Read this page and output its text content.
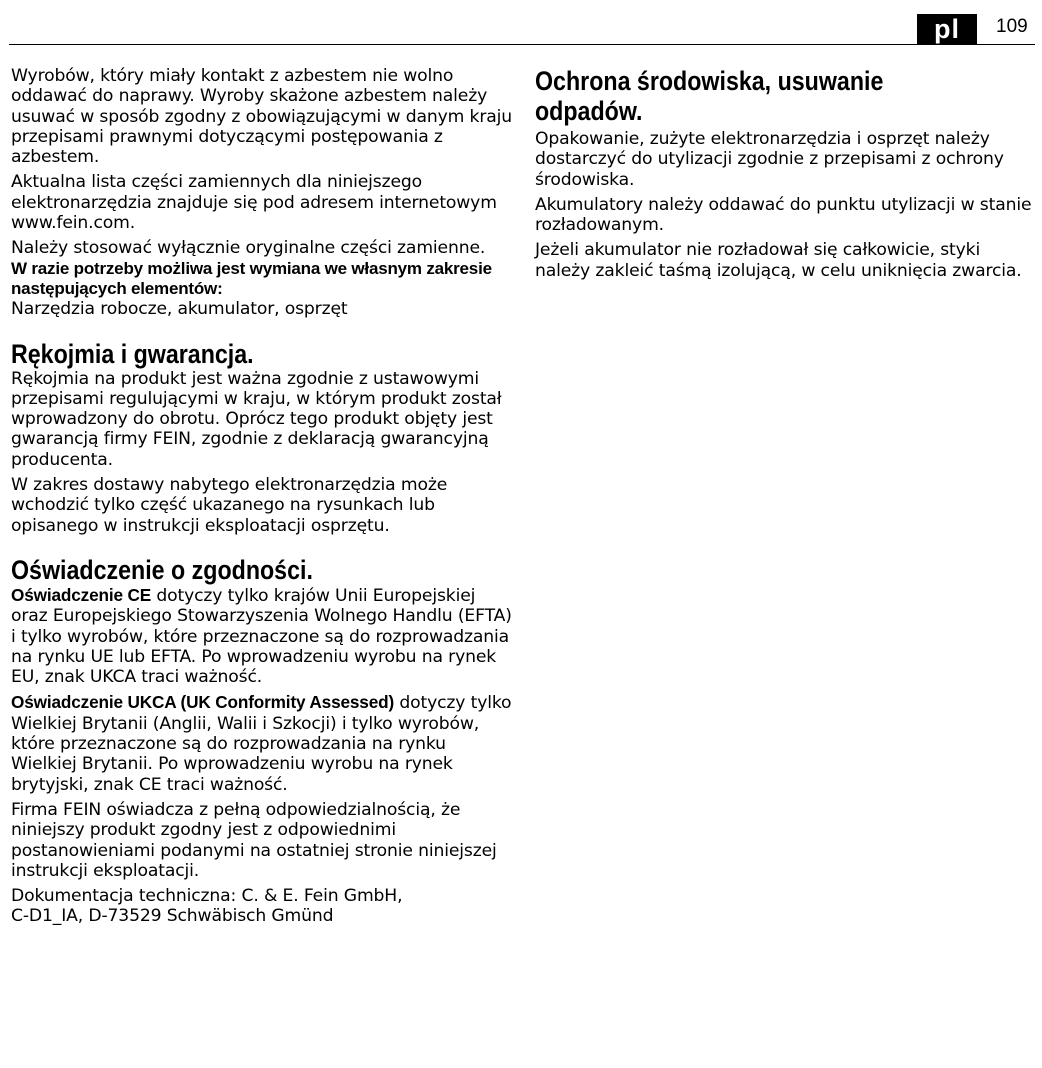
pl	109

Wyrobów, który miały kontakt z azbestem nie wolno oddawać do naprawy. Wyroby skażone azbestem należy usuwać w sposób zgodny z obowiązującymi w danym kraju przepisami prawnymi dotyczącymi postępowania z azbestem.

Aktualna lista części zamiennych dla niniejszego elektronarzędzia znajduje się pod adresem internetowym www.fein.com.

Należy stosować wyłącznie oryginalne części zamienne.

W razie potrzeby możliwa jest wymiana we własnym zakresie następujących elementów:

Narzędzia robocze, akumulator, osprzęt

Rękojmia i gwarancja.

Rękojmia na produkt jest ważna zgodnie z ustawowymi przepisami regulującymi w kraju, w którym produkt został wprowadzony do obrotu. Oprócz tego produkt objęty jest gwarancją firmy FEIN, zgodnie z deklaracją gwarancyjną producenta.

W zakres dostawy nabytego elektronarzędzia może wchodzić tylko część ukazanego na rysunkach lub opisanego w instrukcji eksploatacji osprzętu.

Oświadczenie o zgodności.

Oświadczenie CE dotyczy tylko krajów Unii Europejskiej oraz Europejskiego Stowarzyszenia Wolnego Handlu (EFTA) i tylko wyrobów, które przeznaczone są do rozprowadzania na rynku UE lub EFTA. Po wprowadzeniu wyrobu na rynek EU, znak UKCA traci ważność.

Oświadczenie UKCA (UK Conformity Assessed) dotyczy tylko Wielkiej Brytanii (Anglii, Walii i Szkocji) i tylko wyrobów, które przeznaczone są do rozprowadzania na rynku Wielkiej Brytanii. Po wprowadzeniu wyrobu na rynek brytyjski, znak CE traci ważność.

Firma FEIN oświadcza z pełną odpowiedzialnością, że niniejszy produkt zgodny jest z odpowiednimi postanowieniami podanymi na ostatniej stronie niniejszej instrukcji eksploatacji.

Dokumentacja techniczna: C. & E. Fein GmbH,
C-D1_IA, D-73529 Schwäbisch Gmünd

Ochrona środowiska, usuwanie
odpadów.

Opakowanie, zużyte elektronarzędzia i osprzęt należy dostarczyć do utylizacji zgodnie z przepisami z ochrony środowiska.

Akumulatory należy oddawać do punktu utylizacji w stanie rozładowanym.

Jeżeli akumulator nie rozładował się całkowicie, styki należy zakleić taśmą izolującą, w celu uniknięcia zwarcia.
